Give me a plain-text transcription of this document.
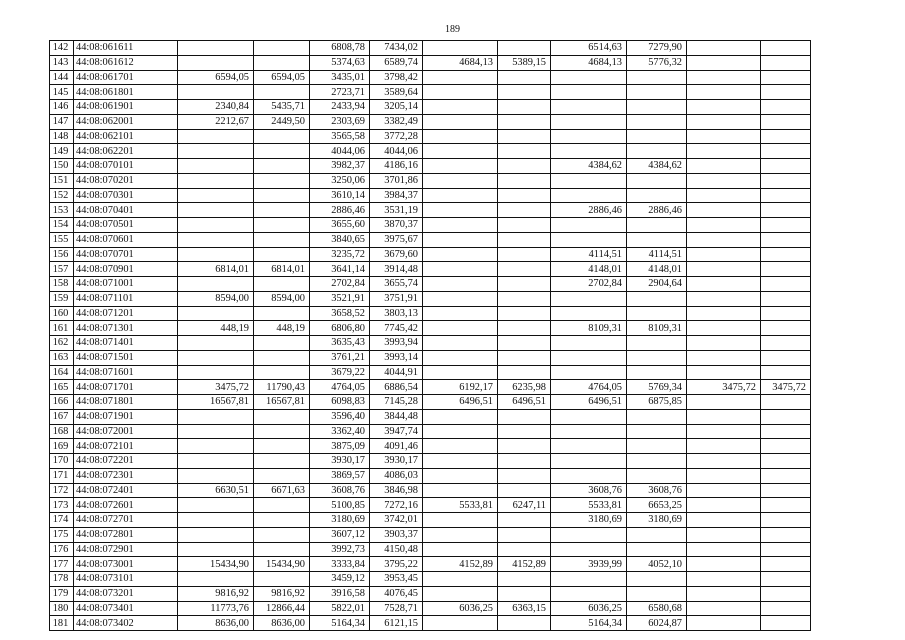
189
142	44:08:061611			6808,78	7434,02			6514,63	7279,90		
143	44:08:061612			5374,63	6589,74	4684,13	5389,15	4684,13	5776,32		
144	44:08:061701	6594,05	6594,05	3435,01	3798,42						
145	44:08:061801			2723,71	3589,64						
146	44:08:061901	2340,84	5435,71	2433,94	3205,14						
147	44:08:062001	2212,67	2449,50	2303,69	3382,49						
148	44:08:062101			3565,58	3772,28						
149	44:08:062201			4044,06	4044,06						
150	44:08:070101			3982,37	4186,16			4384,62	4384,62		
151	44:08:070201			3250,06	3701,86						
152	44:08:070301			3610,14	3984,37						
153	44:08:070401			2886,46	3531,19			2886,46	2886,46		
154	44:08:070501			3655,60	3870,37						
155	44:08:070601			3840,65	3975,67						
156	44:08:070701			3235,72	3679,60			4114,51	4114,51		
157	44:08:070901	6814,01	6814,01	3641,14	3914,48			4148,01	4148,01		
158	44:08:071001			2702,84	3655,74			2702,84	2904,64		
159	44:08:071101	8594,00	8594,00	3521,91	3751,91						
160	44:08:071201			3658,52	3803,13						
161	44:08:071301	448,19	448,19	6806,80	7745,42			8109,31	8109,31		
162	44:08:071401			3635,43	3993,94						
163	44:08:071501			3761,21	3993,14						
164	44:08:071601			3679,22	4044,91						
165	44:08:071701	3475,72	11790,43	4764,05	6886,54	6192,17	6235,98	4764,05	5769,34	3475,72	3475,72
166	44:08:071801	16567,81	16567,81	6098,83	7145,28	6496,51	6496,51	6496,51	6875,85		
167	44:08:071901			3596,40	3844,48						
168	44:08:072001			3362,40	3947,74						
169	44:08:072101			3875,09	4091,46						
170	44:08:072201			3930,17	3930,17						
171	44:08:072301			3869,57	4086,03						
172	44:08:072401	6630,51	6671,63	3608,76	3846,98			3608,76	3608,76		
173	44:08:072601			5100,85	7272,16	5533,81	6247,11	5533,81	6653,25		
174	44:08:072701			3180,69	3742,01			3180,69	3180,69		
175	44:08:072801			3607,12	3903,37						
176	44:08:072901			3992,73	4150,48						
177	44:08:073001	15434,90	15434,90	3333,84	3795,22	4152,89	4152,89	3939,99	4052,10		
178	44:08:073101			3459,12	3953,45						
179	44:08:073201	9816,92	9816,92	3916,58	4076,45						
180	44:08:073401	11773,76	12866,44	5822,01	7528,71	6036,25	6363,15	6036,25	6580,68		
181	44:08:073402	8636,00	8636,00	5164,34	6121,15			5164,34	6024,87		
